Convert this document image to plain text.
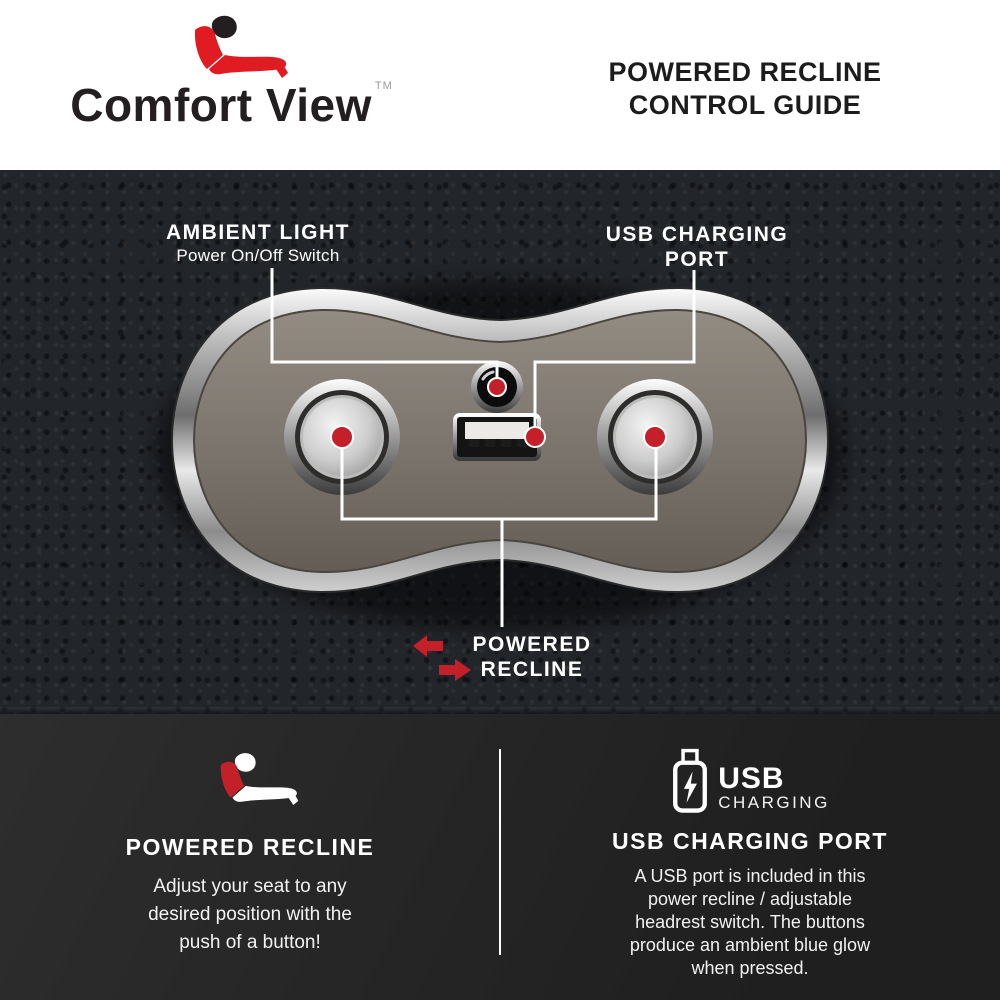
Comfort View ™	POWERED RECLINE
CONTROL GUIDE
AMBIENT LIGHT
Power On/Off Switch
USB CHARGING
PORT
POWERED
RECLINE
POWERED RECLINE
Adjust your seat to any desired position with the push of a button!
USB
CHARGING
USB CHARGING PORT
A USB port is included in this power recline / adjustable headrest switch. The buttons produce an ambient blue glow when pressed.
